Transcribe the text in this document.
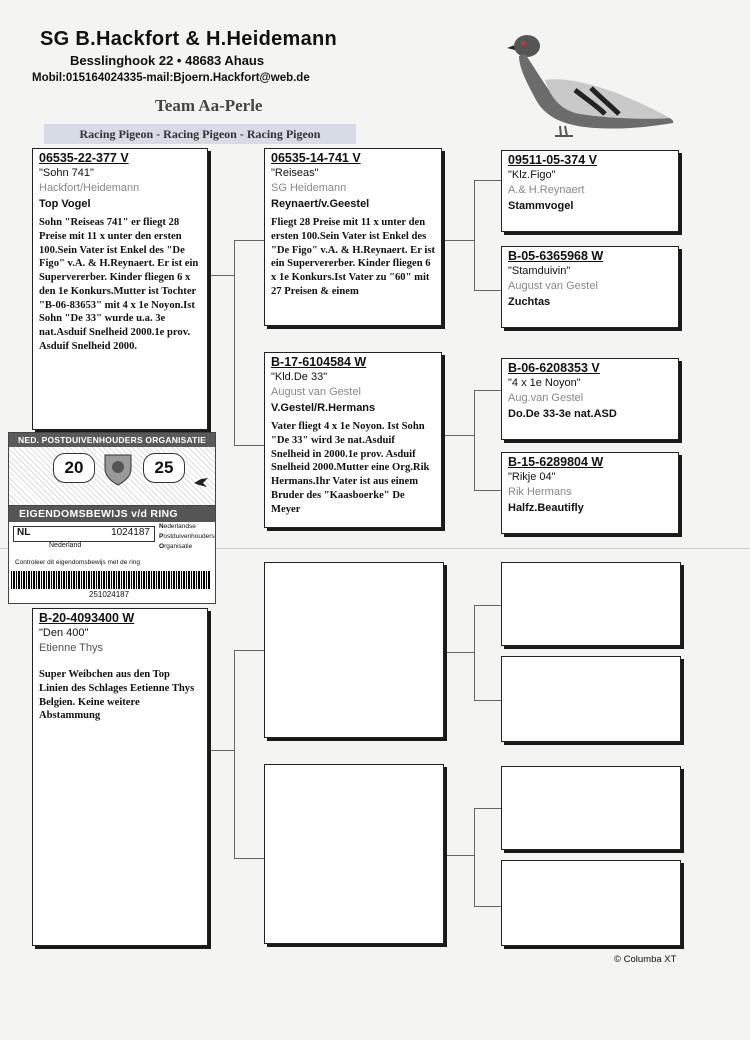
SG B.Hackfort & H.Heidemann
Besslinghook 22 • 48683 Ahaus
Mobil:015164024335-mail:Bjoern.Hackfort@web.de
Team Aa-Perle
Racing Pigeon - Racing Pigeon - Racing Pigeon
06535-22-377 V
"Sohn 741"
Hackfort/Heidemann
Top Vogel
Sohn "Reiseas 741" er fliegt 28 Preise mit 11 x unter den ersten 100.Sein Vater ist Enkel des "De Figo" v.A. & H.Reynaert. Er ist ein Supervererber. Kinder fliegen 6 x den 1e Konkurs.Mutter ist Tochter "B-06-83653" mit 4 x 1e Noyon.Ist Sohn "De 33" wurde u.a. 3e nat.Asduif Snelheid 2000.1e prov. Asduif Snelheid 2000.
06535-14-741 V
"Reiseas"
SG Heidemann
Reynaert/v.Geestel
Fliegt 28 Preise mit 11 x unter den ersten 100.Sein Vater ist Enkel des "De Figo" v.A. & H.Reynaert. Er ist ein Supervererber. Kinder fliegen 6 x 1e Konkurs.Ist Vater zu "60" mit 27 Preisen & einem
B-17-6104584 W
"Kld.De 33"
August van Gestel
V.Gestel/R.Hermans
Vater fliegt 4 x 1e Noyon. Ist Sohn "De 33" wird 3e nat.Asduif Snelheid in 2000.1e prov. Asduif Snelheid 2000.Mutter eine Org.Rik Hermans.Ihr Vater ist aus einem Bruder des "Kaasboerke" De Meyer
09511-05-374 V
"Klz.Figo"
A.& H.Reynaert
Stammvogel
B-05-6365968 W
"Stamduivin"
August van Gestel
Zuchtas
B-06-6208353 V
"4 x 1e Noyon"
Aug.van Gestel
Do.De 33-3e nat.ASD
B-15-6289804 W
"Rikje 04"
Rik Hermans
Halfz.Beautifly
NED. POSTDUIVENHOUDERS ORGANISATIE
20	25
EIGENDOMSBEWIJS v/d RING
NL	1024187
Nederlandse
Postduivenhouders
Organisatie
Nederland
Controleer dit eigendomsbewijs met de ring
251024187
B-20-4093400 W
"Den 400"
Etienne Thys
Super Weibchen aus den Top Linien des Schlages Eetienne Thys Belgien. Keine weitere Abstammung
© Columba XT
